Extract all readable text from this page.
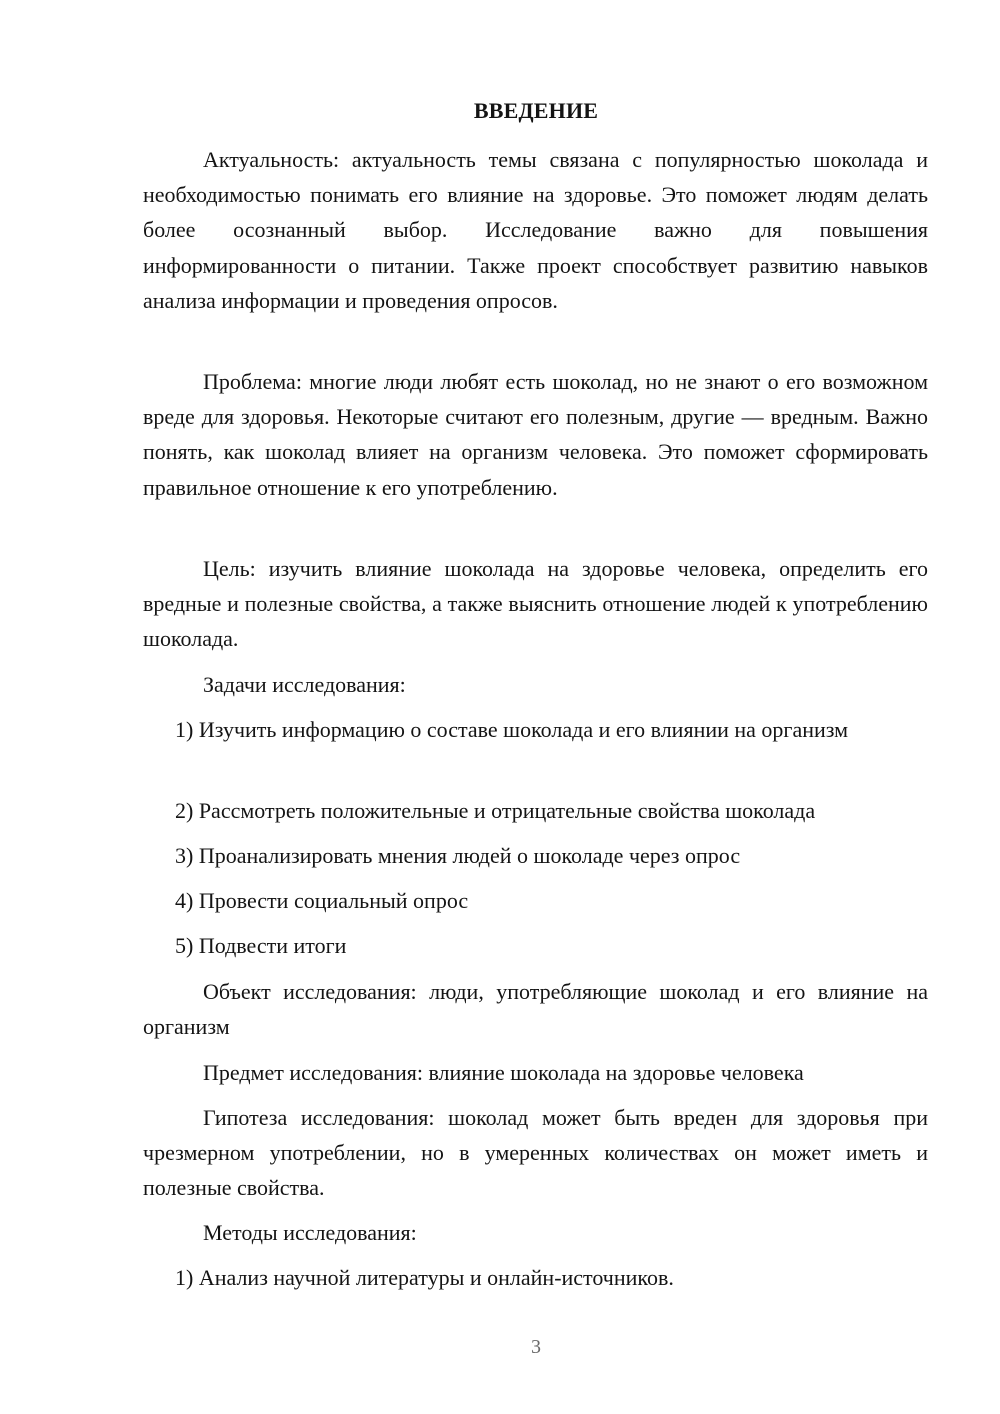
ВВЕДЕНИЕ

Актуальность: актуальность темы связана с популярностью шоколада и необходимостью понимать его влияние на здоровье. Это поможет людям делать более осознанный выбор. Исследование важно для повышения информированности о питании. Также проект способствует развитию навыков анализа информации и проведения опросов.

Проблема: многие люди любят есть шоколад, но не знают о его возможном вреде для здоровья. Некоторые считают его полезным, другие — вредным. Важно понять, как шоколад влияет на организм человека. Это поможет сформировать правильное отношение к его употреблению.

Цель: изучить влияние шоколада на здоровье человека, определить его вредные и полезные свойства, а также выяснить отношение людей к употреблению шоколада.

Задачи исследования:

1) Изучить информацию о составе шоколада и его влиянии на организм

2) Рассмотреть положительные и отрицательные свойства шоколада

3) Проанализировать мнения людей о шоколаде через опрос

4) Провести социальный опрос

5) Подвести итоги

Объект исследования: люди, употребляющие шоколад и его влияние на организм

Предмет исследования: влияние шоколада на здоровье человека

Гипотеза исследования: шоколад может быть вреден для здоровья при чрезмерном употреблении, но в умеренных количествах он может иметь и полезные свойства.

Методы исследования:

1) Анализ научной литературы и онлайн-источников.

3
